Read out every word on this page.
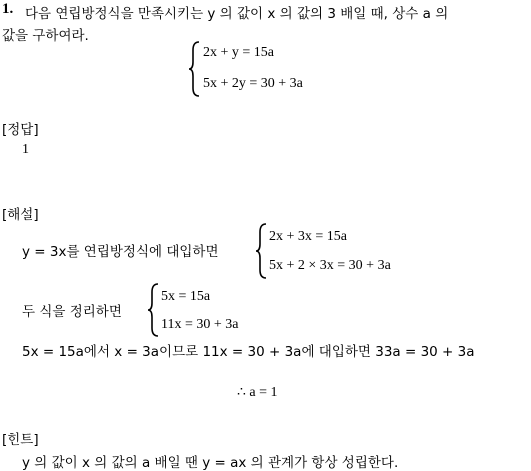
1. 다음 연립방정식을 만족시키는 y 의 값이 x 의 값의 3 배일 때, 상수 a 의
값을 구하여라.
2x + y = 15a
5x + 2y = 30 + 3a
[정답]
1
[해설]
y = 3x를 연립방정식에 대입하면
2x + 3x = 15a
5x + 2 × 3x = 30 + 3a
두 식을 정리하면
5x = 15a
11x = 30 + 3a
5x = 15a에서 x = 3a이므로 11x = 30 + 3a에 대입하면 33a = 30 + 3a
∴ a = 1
[힌트]
y 의 값이 x 의 값의 a 배일 땐 y = ax 의 관계가 항상 성립한다.
